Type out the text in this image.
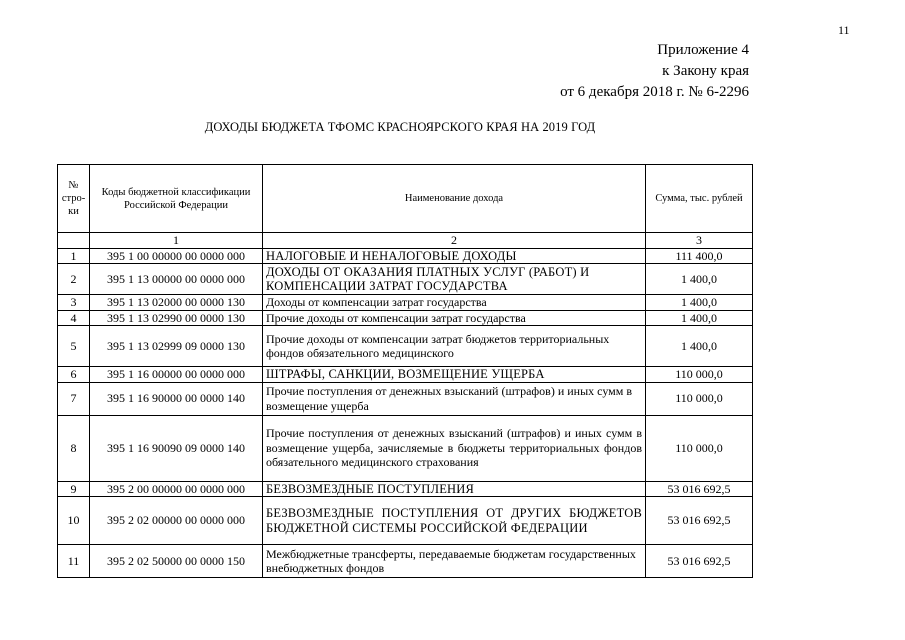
11
Приложение 4
к Закону края
от 6 декабря 2018 г. № 6-2296
ДОХОДЫ БЮДЖЕТА ТФОМС КРАСНОЯРСКОГО КРАЯ НА 2019 ГОД
№ стро-ки	Коды бюджетной классификации Российской Федерации	Наименование дохода	Сумма, тыс. рублей
	1	2	3
1	395 1 00 00000 00 0000 000	НАЛОГОВЫЕ И НЕНАЛОГОВЫЕ ДОХОДЫ	111 400,0
2	395 1 13 00000 00 0000 000	ДОХОДЫ ОТ ОКАЗАНИЯ ПЛАТНЫХ УСЛУГ (РАБОТ) И КОМПЕНСАЦИИ ЗАТРАТ ГОСУДАРСТВА	1 400,0
3	395 1 13 02000 00 0000 130	Доходы от компенсации затрат государства	1 400,0
4	395 1 13 02990 00 0000 130	Прочие доходы от компенсации затрат государства	1 400,0
5	395 1 13 02999 09 0000 130	Прочие доходы от компенсации затрат бюджетов территориальных фондов обязательного медицинского	1 400,0
6	395 1 16 00000 00 0000 000	ШТРАФЫ, САНКЦИИ, ВОЗМЕЩЕНИЕ УЩЕРБА	110 000,0
7	395 1 16 90000 00 0000 140	Прочие поступления от денежных взысканий (штрафов) и иных сумм в возмещение ущерба	110 000,0
8	395 1 16 90090 09 0000 140	Прочие поступления от денежных взысканий (штрафов) и иных сумм в возмещение ущерба, зачисляемые в бюджеты территориальных фондов обязательного медицинского страхования	110 000,0
9	395 2 00 00000 00 0000 000	БЕЗВОЗМЕЗДНЫЕ ПОСТУПЛЕНИЯ	53 016 692,5
10	395 2 02 00000 00 0000 000	БЕЗВОЗМЕЗДНЫЕ ПОСТУПЛЕНИЯ ОТ ДРУГИХ БЮДЖЕТОВ БЮДЖЕТНОЙ СИСТЕМЫ РОССИЙСКОЙ ФЕДЕРАЦИИ	53 016 692,5
11	395 2 02 50000 00 0000 150	Межбюджетные трансферты, передаваемые бюджетам государственных внебюджетных фондов	53 016 692,5
